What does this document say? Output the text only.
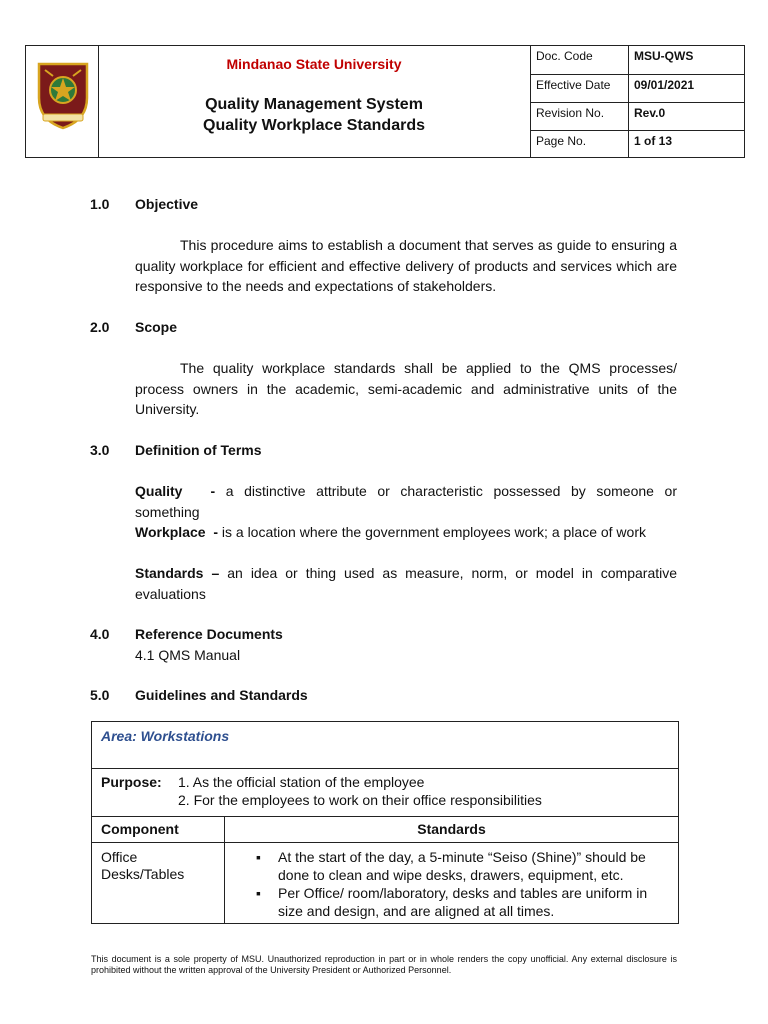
Mindanao State University
Quality Management System
Quality Workplace Standards
Doc. Code	MSU-QWS
Effective Date 09/01/2021
Revision No. Rev.0
Page No.	1 of 13
1.0 Objective
This procedure aims to establish a document that serves as guide to ensuring a quality workplace for efficient and effective delivery of products and services which are responsive to the needs and expectations of stakeholders.
2.0 Scope
The quality workplace standards shall be applied to the QMS processes/ process owners in the academic, semi-academic and administrative units of the University.
3.0 Definition of Terms
Quality - a distinctive attribute or characteristic possessed by someone or something
Workplace - is a location where the government employees work; a place of work
Standards – an idea or thing used as measure, norm, or model in comparative evaluations
4.0 Reference Documents
4.1 QMS Manual
5.0 Guidelines and Standards
Area: Workstations
Purpose: 1. As the official station of the employee
2. For the employees to work on their office responsibilities
Component	Standards
Office Desks/Tables
▪ At the start of the day, a 5-minute “Seiso (Shine)” should be done to clean and wipe desks, drawers, equipment, etc.
▪ Per Office/ room/laboratory, desks and tables are uniform in size and design, and are aligned at all times.
This document is a sole property of MSU. Unauthorized reproduction in part or in whole renders the copy unofficial. Any external disclosure is prohibited without the written approval of the University President or Authorized Personnel.
